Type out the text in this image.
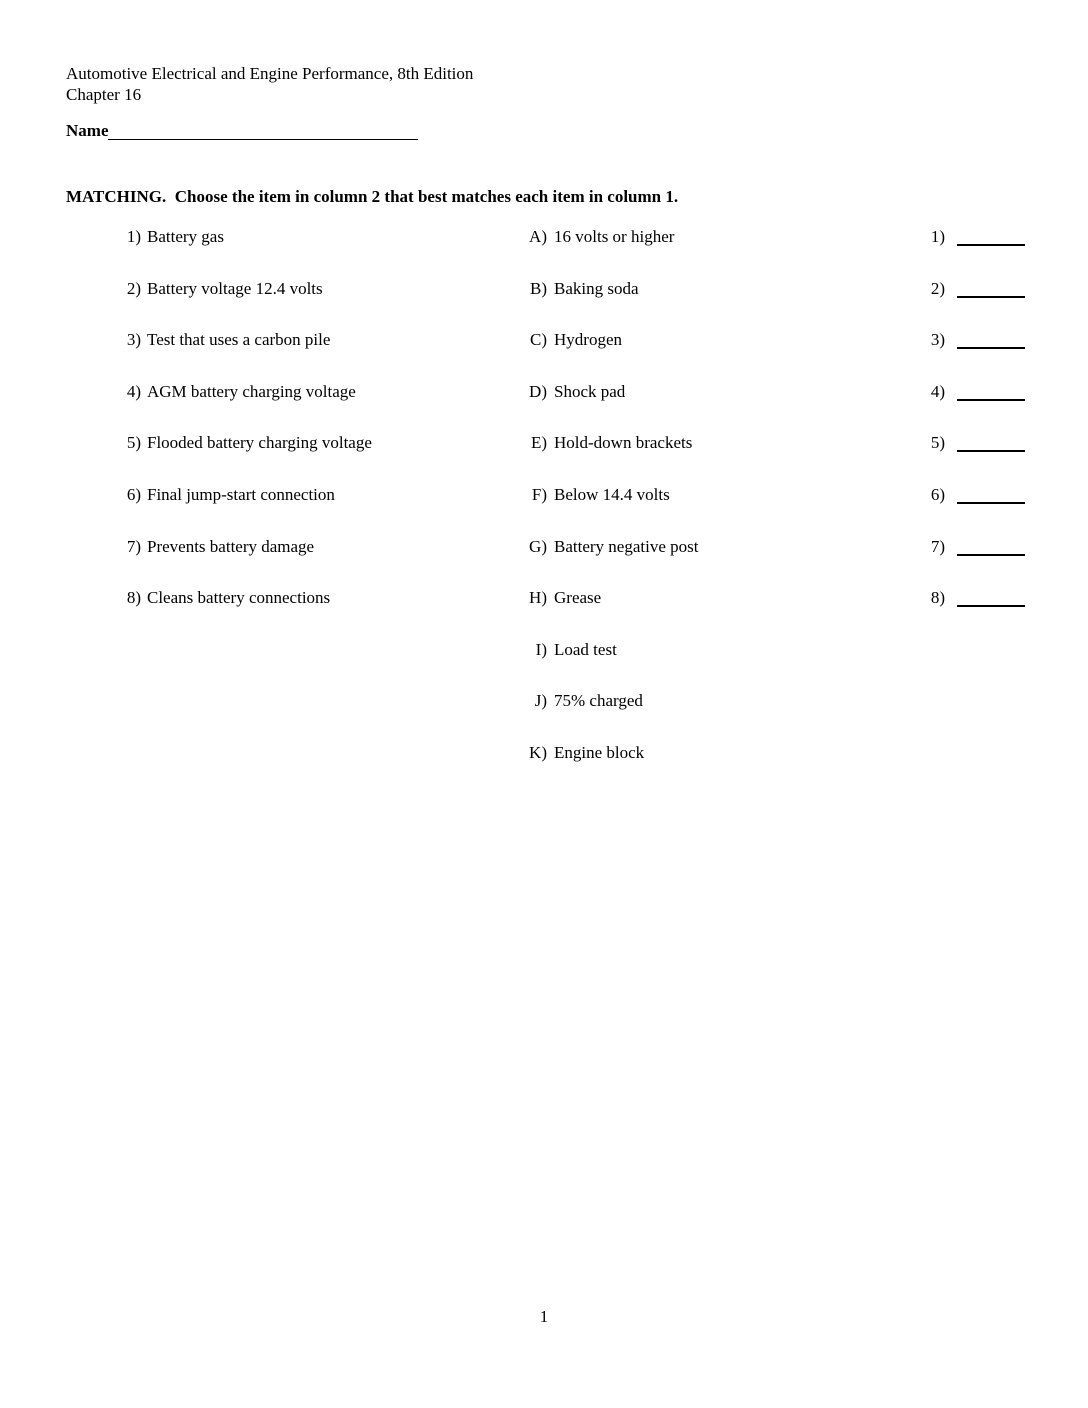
Automotive Electrical and Engine Performance, 8th Edition
Chapter 16
Name
MATCHING.  Choose the item in column 2 that best matches each item in column 1.
1) Battery gas	A) 16 volts or higher	1)
2) Battery voltage 12.4 volts	B) Baking soda	2)
3) Test that uses a carbon pile	C) Hydrogen	3)
4) AGM battery charging voltage	D) Shock pad	4)
5) Flooded battery charging voltage	E) Hold-down brackets	5)
6) Final jump-start connection	F) Below 14.4 volts	6)
7) Prevents battery damage	G) Battery negative post	7)
8) Cleans battery connections	H) Grease	8)
I) Load test
J) 75% charged
K) Engine block
1
